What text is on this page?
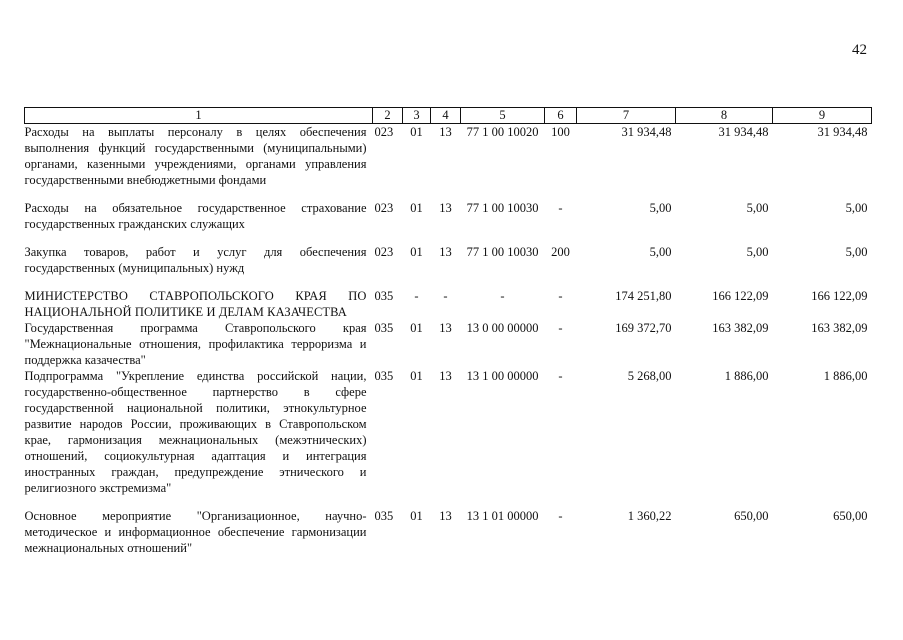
42
1	2	3	4	5	6	7	8	9
Расходы на выплаты персоналу в целях обеспечения выполнения функций государственными (муниципальными) органами, казенными учреждениями, органами управления государственными внебюджетными фондами	023	01	13	77 1 00 10020	100	31 934,48	31 934,48	31 934,48
Расходы на обязательное государственное страхование государственных гражданских служащих	023	01	13	77 1 00 10030	-	5,00	5,00	5,00
Закупка товаров, работ и услуг для обеспечения государственных (муниципальных) нужд	023	01	13	77 1 00 10030	200	5,00	5,00	5,00
МИНИСТЕРСТВО СТАВРОПОЛЬСКОГО КРАЯ ПО НАЦИОНАЛЬНОЙ ПОЛИТИКЕ И ДЕЛАМ КАЗАЧЕСТВА	035	-	-	-	-	174 251,80	166 122,09	166 122,09
Государственная программа Ставропольского края "Межнациональные отношения, профилактика терроризма и поддержка казачества"	035	01	13	13 0 00 00000	-	169 372,70	163 382,09	163 382,09
Подпрограмма "Укрепление единства российской нации, государственно-общественное партнерство в сфере государственной национальной политики, этнокультурное развитие народов России, проживающих в Ставропольском крае, гармонизация межнациональных (межэтнических) отношений, социокультурная адаптация и интеграция иностранных граждан, предупреждение этнического и религиозного экстремизма"	035	01	13	13 1 00 00000	-	5 268,00	1 886,00	1 886,00
Основное мероприятие "Организационное, научно-методическое и информационное обеспечение гармонизации межнациональных отношений"	035	01	13	13 1 01 00000	-	1 360,22	650,00	650,00
